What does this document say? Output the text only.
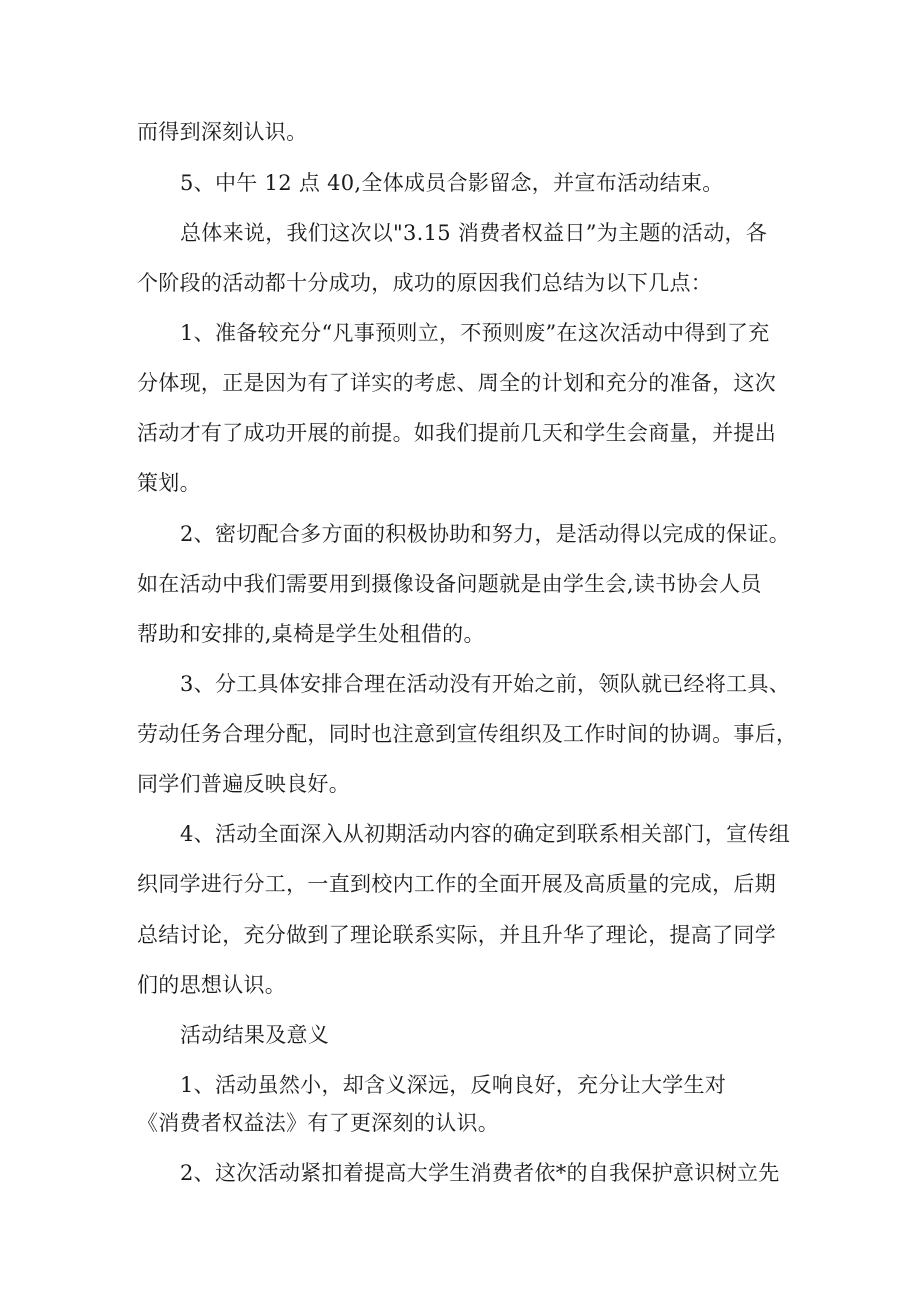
而得到深刻认识。
5、中午 12 点 40,全体成员合影留念，并宣布活动结束。
总体来说，我们这次以"3.15 消费者权益日”为主题的活动，各
个阶段的活动都十分成功，成功的原因我们总结为以下几点：
1、准备较充分“凡事预则立，不预则废”在这次活动中得到了充
分体现，正是因为有了详实的考虑、周全的计划和充分的准备，这次
活动才有了成功开展的前提。如我们提前几天和学生会商量，并提出
策划。
2、密切配合多方面的积极协助和努力，是活动得以完成的保证。
如在活动中我们需要用到摄像设备问题就是由学生会,读书协会人员
帮助和安排的,桌椅是学生处租借的。
3、分工具体安排合理在活动没有开始之前，领队就已经将工具、
劳动任务合理分配，同时也注意到宣传组织及工作时间的协调。事后，
同学们普遍反映良好。
4、活动全面深入从初期活动内容的确定到联系相关部门，宣传组
织同学进行分工，一直到校内工作的全面开展及高质量的完成，后期
总结讨论，充分做到了理论联系实际，并且升华了理论，提高了同学
们的思想认识。
活动结果及意义
1、活动虽然小，却含义深远，反响良好，充分让大学生对
《消费者权益法》有了更深刻的认识。
2、这次活动紧扣着提高大学生消费者依*的自我保护意识树立先
